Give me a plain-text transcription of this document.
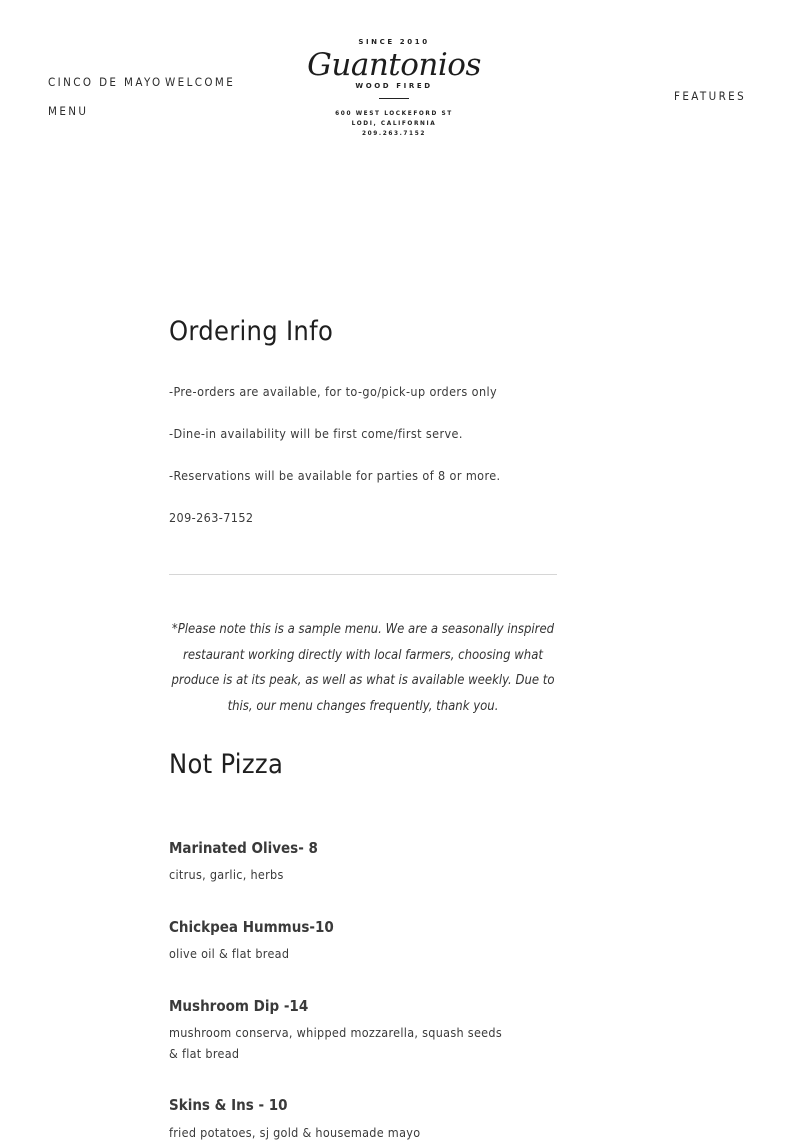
CINCO DE MAYO WELCOME
MENU
FEATURES
SINCE 2010
Guantonios
WOOD FIRED
600 WEST LOCKEFORD ST
LODI, CALIFORNIA
209.263.7152
Ordering Info

-Pre-orders are available, for to-go/pick-up orders only

-Dine-in availability will be first come/first serve.

-Reservations will be available for parties of 8 or more.

209-263-7152

*Please note this is a sample menu. We are a seasonally inspired restaurant working directly with local farmers, choosing what produce is at its peak, as well as what is available weekly. Due to this, our menu changes frequently, thank you.

Not Pizza

Marinated Olives- 8

citrus, garlic, herbs

Chickpea Hummus-10

olive oil & flat bread

Mushroom Dip -14

mushroom conserva, whipped mozzarella, squash seeds & flat bread

Skins & Ins - 10

fried potatoes, sj gold & housemade mayo
